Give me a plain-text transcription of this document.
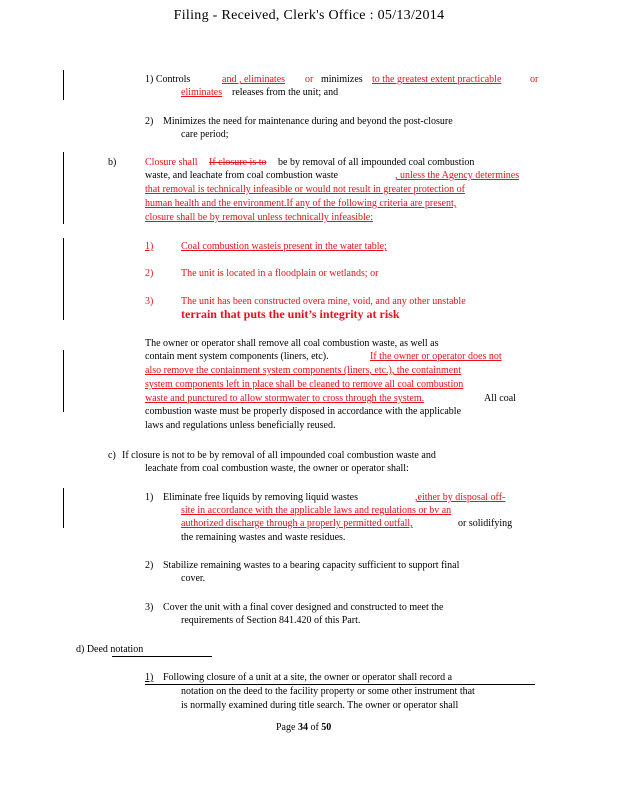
Filing - Received, Clerk's Office : 05/13/2014
1) Controls	and , eliminates or minimizes to the greatest extent practicable	or
eliminates releases from the unit; and
2) Minimizes the need for maintenance during and beyond the post-closure
care period;
b)	Closure shall If closure is to be by removal of all impounded coal combustion
waste, and leachate from coal combustion waste	, unless the Agency determines
that removal is technically infeasible or would not result in greater protection of
human health and the environment.If any of the following criteria are present,
closure shall be by removal unless technically infeasible:
1)	Coal combustion wasteis present in the water table;
2)	The unit is located in a floodplain or wetlands; or
3)	The unit has been constructed overa mine, void, and any other unstable
terrain that puts the unit’s integrity at risk
The owner or operator shall remove all coal combustion waste, as well as
contain ment system components (liners, etc).	If the owner or operator does not
also remove the containment system components (liners, etc.), the containment
system components left in place shall be cleaned to remove all coal combustion
waste and punctured to allow stormwater to cross through the system.	All coal
combustion waste must be properly disposed in accordance with the applicable
laws and regulations unless beneficially reused.
c) If closure is not to be by removal of all impounded coal combustion waste and
leachate from coal combustion waste, the owner or operator shall:
1) Eliminate free liquids by removing liquid wastes	,either by disposal off-
site in accordance with the applicable laws and regulations or bv an
authorized discharge through a properly permitted outfall,	or solidifying
the remaining wastes and waste residues.
2) Stabilize remaining wastes to a bearing capacity sufficient to support final
cover.
3) Cover the unit with a final cover designed and constructed to meet the
requirements of Section 841.420 of this Part.
d) Deed notation
1) Following closure of a unit at a site, the owner or operator shall record a
notation on the deed to the facility property or some other instrument that
is normally examined during title search. The owner or operator shall
Page 34 of 50
